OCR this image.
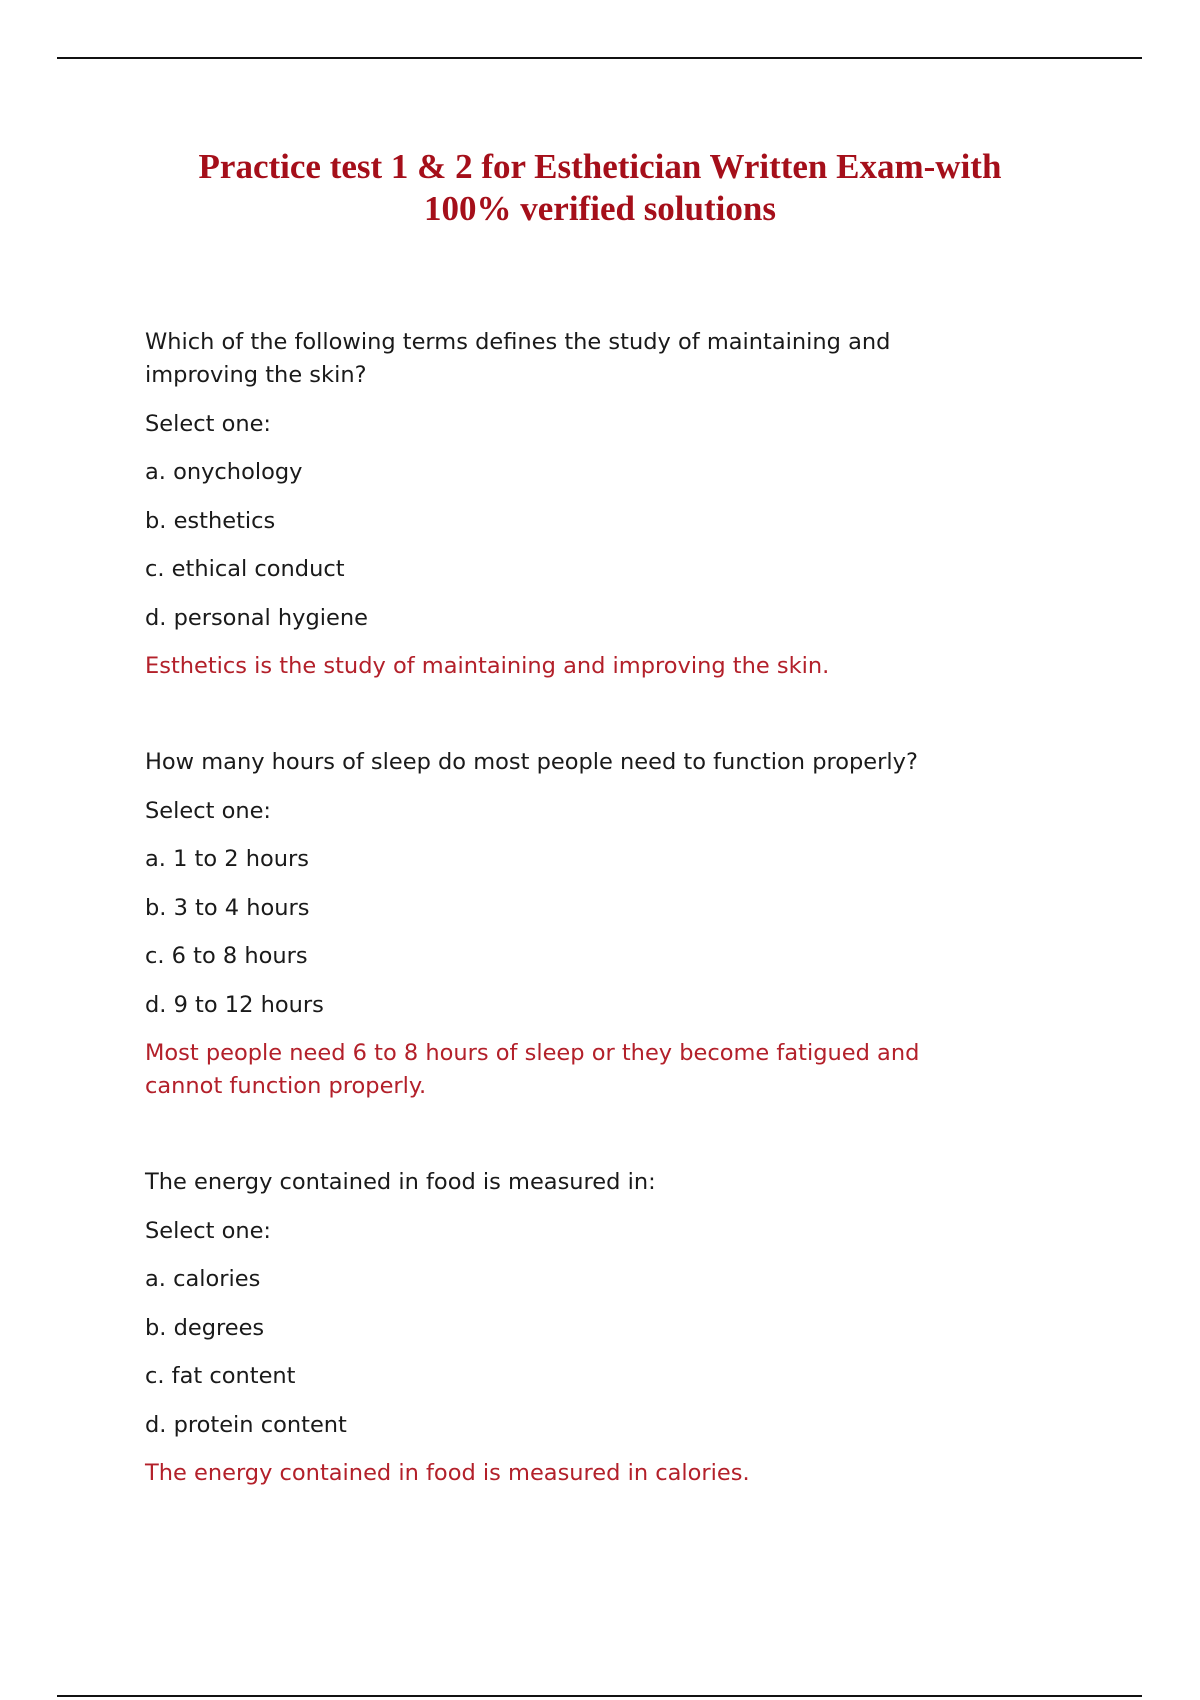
Practice test 1 & 2 for Esthetician Written Exam-with
100% verified solutions

Which of the following terms defines the study of maintaining and improving the skin?

Select one:

a. onychology

b. esthetics

c. ethical conduct

d. personal hygiene

Esthetics is the study of maintaining and improving the skin.

How many hours of sleep do most people need to function properly?

Select one:

a. 1 to 2 hours

b. 3 to 4 hours

c. 6 to 8 hours

d. 9 to 12 hours

Most people need 6 to 8 hours of sleep or they become fatigued and cannot function properly.

The energy contained in food is measured in:

Select one:

a. calories

b. degrees

c. fat content

d. protein content

The energy contained in food is measured in calories.
